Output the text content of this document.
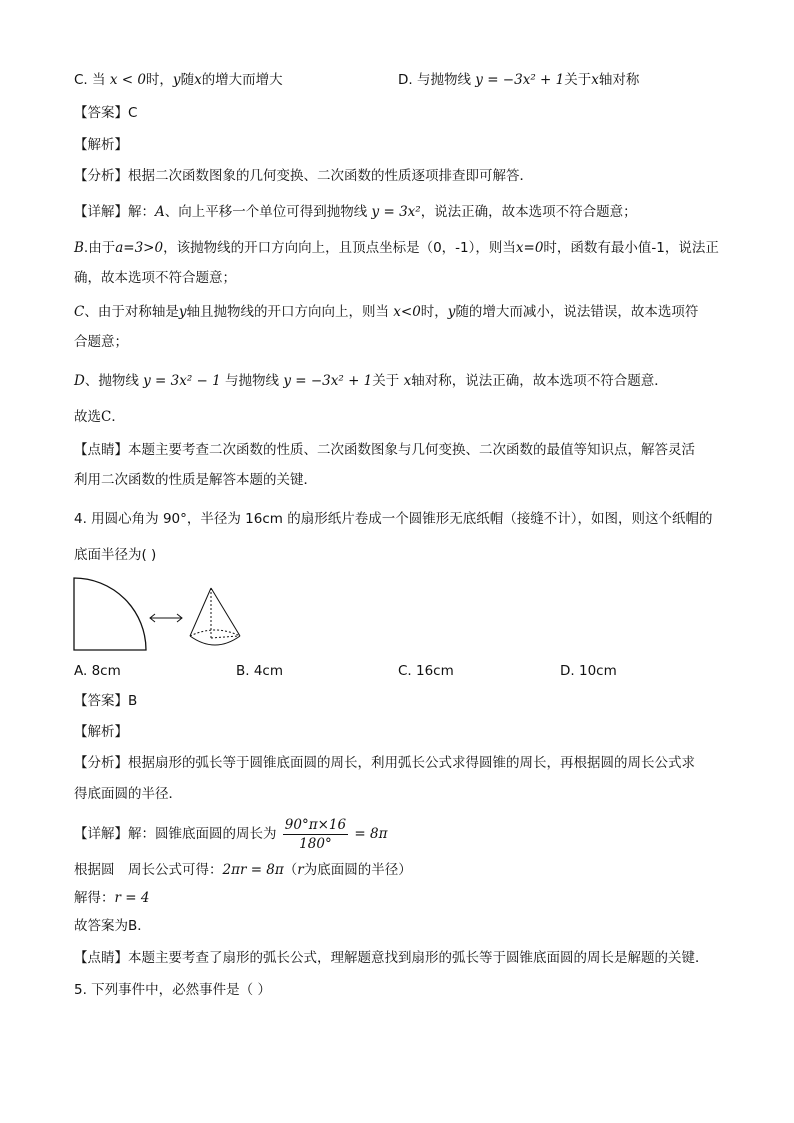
C. 当 x < 0时，y随x的增大而增大	D. 与抛物线 y = −3x² + 1关于x轴对称
【答案】C
【解析】
【分析】根据二次函数图象的几何变换、二次函数的性质逐项排查即可解答．
【详解】解：A、向上平移一个单位可得到抛物线 y = 3x²，说法正确，故本选项不符合题意；
B.由于a=3>0，该抛物线的开口方向向上，且顶点坐标是（0，-1），则当x=0时，函数有最小值-1，说法正
确，故本选项不符合题意；
C、由于对称轴是y轴且抛物线的开口方向向上，则当 x<0时，y随的增大而减小，说法错误，故本选项符
合题意；
D、抛物线 y = 3x² − 1 与抛物线 y = −3x² + 1关于 x轴对称，说法正确，故本选项不符合题意．
故选C．
【点睛】本题主要考查二次函数的性质、二次函数图象与几何变换、二次函数的最值等知识点，解答灵活
利用二次函数的性质是解答本题的关键．
4. 用圆心角为 90°，半径为 16cm 的扇形纸片卷成一个圆锥形无底纸帽（接缝不计），如图，则这个纸帽的
底面半径为( )
A. 8cm	B. 4cm	C. 16cm	D. 10cm
【答案】B
【解析】
【分析】根据扇形的弧长等于圆锥底面圆的周长，利用弧长公式求得圆锥的周长，再根据圆的周长公式求
得底面圆的半径．
【详解】解：圆锥底面圆的周长为 $\frac{90^\circ\pi\times 16}{180^\circ} = 8\pi$
根据圆　周长公式可得：2πr = 8π（r为底面圆的半径）
解得：r = 4
故答案为B．
【点睛】本题主要考查了扇形的弧长公式，理解题意找到扇形的弧长等于圆锥底面圆的周长是解题的关键．
5. 下列事件中，必然事件是（ ）
